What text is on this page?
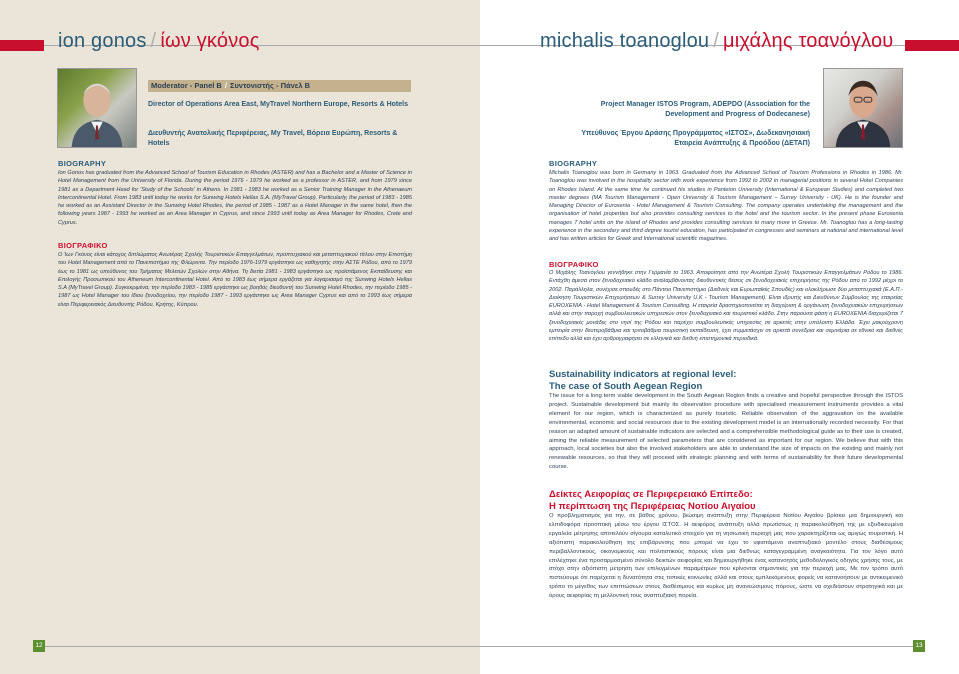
ion gonos / ίων γκόνος	michalis toanoglou / μιχάλης τοανόγλου
Moderator - Panel B / Συντονιστής - Πάνελ Β
Director of Operations Area East, MyTravel Northern Europe, Resorts & Hotels
Διευθυντής Ανατολικής Περιφέρειας, My Travel, Βόρεια Ευρώπη, Resorts & Hotels
Project Manager ISTOS Program, ADEPDO (Association for the Development and Progress of Dodecanese)
Υπεύθυνος Έργου Δράσης Προγράμματος «ΙΣΤΟΣ», Δωδεκανησιακή Εταιρεία Ανάπτυξης & Προόδου (ΔΕΤΑΠ)
BIOGRAPHY
Ion Gonos has graduated from the Advanced School of Tourism Education in Rhodes (ASTER) and has a Bachelor and a Master of Science in Hotel Management from the University of Florida. During the period 1976 - 1979 he worked as a professor in ASTER, and from 1979 since 1981 as a Department Head for 'Study of the Schools' in Athens. In 1981 - 1983 he worked as a Senior Training Manager in the Athenaeum Intercontinental Hotel. From 1983 until today he works for Sunwing Hotels Hellas S.A. (MyTravel Group). Particularly, the period of 1983 - 1985 he worked as an Assistant Director in the Sunwing Hotel Rhodes, the period of 1985 - 1987 as a Hotel Manager in the same hotel, then the following years 1987 - 1993 he worked as an Area Manager in Cyprus, and since 1993 until today as Area Manager for Rhodes, Crete and Cyprus.
ΒΙΟΓΡΑΦΙΚΟ
Ο Ίων Γκόνος είναι κάτοχος διπλώματος Ανωτέρας Σχολής Τουριστικών Επαγγελμάτων, προπτυχιακού και μεταπτυχιακού τίτλου στην Επιστήμη του Hotel Management από το Πανεπιστήμιο της Φλώριντα. Την περίοδο 1976-1979 εργάστηκε ως καθηγητής στην ΑΣΤΕ Ρόδου, από το 1979 έως το 1981 ως υπεύθυνος του Τμήματος Μελετών Σχολών στην Αθήνα. Τη διετία 1981 - 1983 εργάστηκε ως προϊστάμενος Εκπαίδευσης και Επιλογής Προσωπικού του Atheneum Intercontinental Hotel. Από το 1983 έως σήμερα εργάζεται για λογαριασμό της Sunwing Hotels Hellas S.A (MyTravel Group). Συγκεκριμένα, την περίοδο 1983 - 1985 εργάστηκε ως βοηθός διευθυντή του Sunwing Hotel Rhodes, την περίοδο 1985 - 1987 ως Hotel Manager του ίδιου ξενοδοχείου, την περίοδο 1987 - 1993 εργάστηκε ως Area Manager Cyprus και από το 1993 έως σήμερα είναι Περιφερειακός Διευθυντής Ρόδου, Κρήτης, Κύπρου.
BIOGRAPHY
Michalis Toanoglou was born in Germany in 1963. Graduated from the Advanced School of Tourism Professions in Rhodes in 1986. Mr. Toanoglou was involved in the hospitality sector with work experience from 1992 to 2002 in managerial positions in several Hotel Companies on Rhodes Island. At the same time he continued his studies in Panteion University (International & European Studies) and completed two master degrees (MA Tourism Management - Open University & Tourism Management – Surrey University - UK). He is the founder and Managing Director of Euroxenia - Hotel Management & Tourism Consulting. The company operates undertaking the management and the organisation of hotel properties but also provides consulting services to the hotel and the tourism sector. In the present phase Euroxenia manages 7 hotel units on the island of Rhodes and provides consulting services to many more in Greece. Mr. Toanoglou has a long-lasting experience in the secondary and third degree tourist education, has participated in congresses and seminars at national and international level and has written articles for Greek and International scientific magazines.
ΒΙΟΓΡΑΦΙΚΟ
Ο Μιχάλης Τοανόγλου γεννήθηκε στην Γερμανία το 1963. Αποφοίτησε από την Ανωτέρα Σχολή Τουριστικών Επαγγελμάτων Ρόδου το 1986. Εντάχθη άμεσα στον ξενοδοχειακό κλάδο αναλαμβάνοντας διευθυντικές θέσεις σε ξενοδοχειακές επιχειρήσεις της Ρόδου από το 1992 μέχρι το 2002. Παράλληλα, συνέχισε σπουδές στο Πάντειο Πανεπιστήμιο (Διεθνείς και Ευρωπαϊκές Σπουδές) και ολοκλήρωσε δύο μεταπτυχιακά (Ε.Α.Π.-Διοίκηση Τουριστικών Επιχειρήσεων & Surrey University U.K - Tourism Management). Είναι ιδρυτής και Διευθύνων Σύμβουλος της εταιρείας EUROXENIA - Hotel Management & Tourism Consulting. Η εταιρεία δραστηριοποιείται τη διαχείριση & οργάνωση ξενοδοχειακών επιχειρήσεων αλλά και στην παροχή συμβουλευτικών υπηρεσιών στον ξενοδοχειακό και τουριστικό κλάδο. Στην παρούσα φάση η EUROXENIA διαχειρίζεται 7 ξενοδοχειακές μονάδες στο νησί της Ρόδου και παρέχει συμβουλευτικές υπηρεσίες σε αρκετές στην υπόλοιπη Ελλάδα. Έχει μακρόχρονη εμπειρία στην δευτεροβάθμια και τριτοβάθμια τουριστική εκπαίδευση, έχει συμμετάσχει σε αρκετά συνέδρια και σεμινάρια σε εθνικό και διεθνές επίπεδο αλλά και έχει αρθρογραφήσει σε ελληνικά και διεθνή επιστημονικά περιοδικά.
Sustainability indicators at regional level:
The case of South Aegean Region
The issue for a long term viable development in the South Aegean Region finds a creative and hopeful perspective through the ISTOS project. Sustainable development but mainly its observation procedure with specialised measurement instruments provides a vital element for our region, which is characterized as purely touristic. Reliable observation of the aggravation on the available environmental, economic and social resources due to the existing development model is an internationally recorded necessity. For that reason an adapted amount of sustainable indicators are selected and a comprehensible methodological guide as to their use is created, aiming the reliable measurement of selected parameters that are considered as important for our region. We believe that with this approach, local societies but also the involved stakeholders are able to understand the size of impacts on the existing and mainly not renewable resources, so that they will proceed with strategic planning and with terms of sustainability for their future developmental course.
Δείκτες Αειφορίας σε Περιφερειακό Επίπεδο:
Η περίπτωση της Περιφέρειας Νοτίου Αιγαίου
Ο προβληματισμός για την, σε βάθος χρόνου, βιώσιμη ανάπτυξη στην Περιφέρεια Νοτίου Αιγαίου βρίσκει μια δημιουργική και ελπιδοφόρα προοπτική μέσω του έργου ΙΣΤΟΣ. Η αειφόρος ανάπτυξη αλλά πρωτίστως η παρακολούθησή της με εξειδικευμένα εργαλεία μέτρησης αποτελούν σίγουρα καταλυτικό στοιχείο για τη νησιωτική περιοχή μας που χαρακτηρίζεται ως αμιγώς τουριστική. Η αξιόπιστη παρακολούθηση της επιβάρυνσης που μπορεί να έχει το υφιστάμενο αναπτυξιακό μοντέλο στους διαθέσιμους περιβαλλοντικούς, οικονομικούς και πολιτιστικούς πόρους είναι μια διεθνώς καταγεγραμμένη αναγκαιότητα. Για τον λόγο αυτό επιλέχτηκε ένα προσαρμοσμένο σύνολο δεικτών αειφορίας και δημιουργήθηκε ένας κατανοητός μεθοδολογικός οδηγός χρήσης τους, με στόχο στην αξιόπιστη μέτρηση των επιλεγμένων παραμέτρων που κρίνονται σημαντικές για την περιοχή μας. Με τον τρόπο αυτό πιστεύουμε ότι παρέχεται η δυνατότητα στις τοπικές κοινωνίες αλλά και στους εμπλεκόμενους φορείς να κατανοήσουν με αντικειμενικό τρόπο το μέγεθος των επιπτώσεων στους διαθέσιμους και κυρίως μη ανανεώσιμους πόρους, ώστε να σχεδιάσουν στρατηγικά και με όρους αειφορίας τη μελλοντική τους αναπτυξιακή πορεία.
12	13
